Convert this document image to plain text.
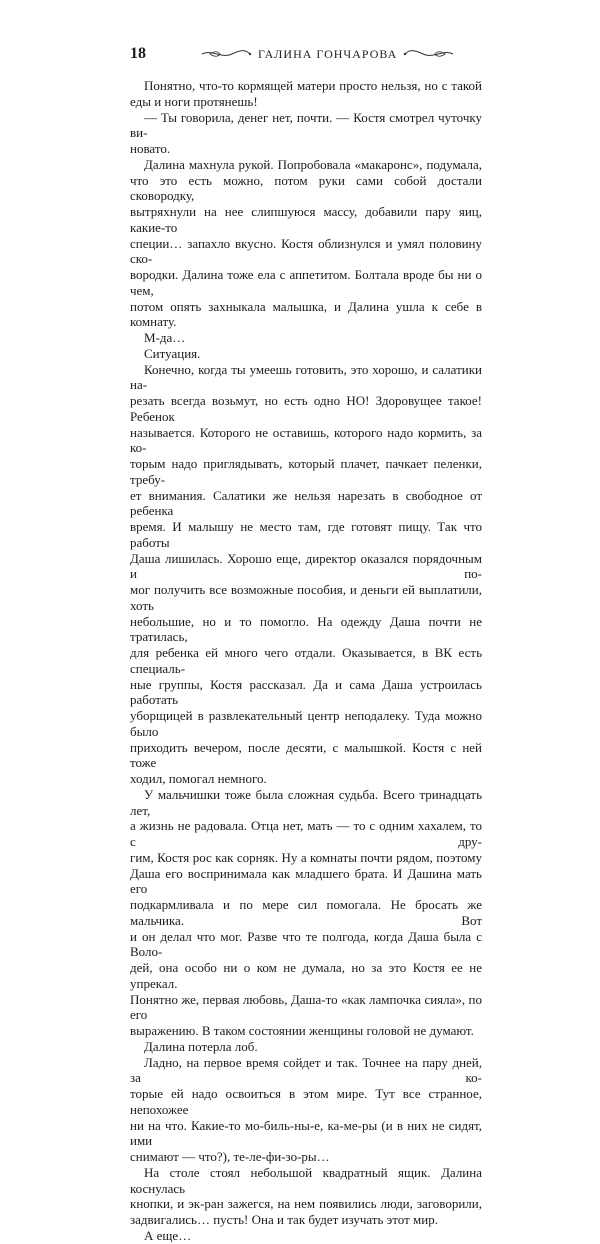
18	ГАЛИНА ГОНЧАРОВА

Понятно, что-то кормящей матери просто нельзя, но с такой

еды и ноги протянешь!

— Ты говорила, денег нет, почти. — Костя смотрел чуточку ви-

новато.

Далина махнула рукой. Попробовала «макаронс», подумала,

что это есть можно, потом руки сами собой достали сковородку,

вытряхнули на нее слипшуюся массу, добавили пару яиц, какие-то

специи… запахло вкусно. Костя облизнулся и умял половину ско-

вородки. Далина тоже ела с аппетитом. Болтала вроде бы ни о чем,

потом опять захныкала малышка, и Далина ушла к себе в комнату.

М-да…

Ситуация.

Конечно, когда ты умеешь готовить, это хорошо, и салатики на-

резать всегда возьмут, но есть одно НО! Здоровущее такое! Ребенок

называется. Которого не оставишь, которого надо кормить, за ко-

торым надо приглядывать, который плачет, пачкает пеленки, требу-

ет внимания. Салатики же нельзя нарезать в свободное от ребенка

время. И малышу не место там, где готовят пищу. Так что работы

Даша лишилась. Хорошо еще, директор оказался порядочным и по-

мог получить все возможные пособия, и деньги ей выплатили, хоть

небольшие, но и то помогло. На одежду Даша почти не тратилась,

для ребенка ей много чего отдали. Оказывается, в ВК есть специаль-

ные группы, Костя рассказал. Да и сама Даша устроилась работать

уборщицей в развлекательный центр неподалеку. Туда можно было

приходить вечером, после десяти, с малышкой. Костя с ней тоже

ходил, помогал немного.

У мальчишки тоже была сложная судьба. Всего тринадцать лет,

а жизнь не радовала. Отца нет, мать — то с одним хахалем, то с дру-

гим, Костя рос как сорняк. Ну а комнаты почти рядом, поэтому

Даша его воспринимала как младшего брата. И Дашина мать его

подкармливала и по мере сил помогала. Не бросать же мальчика. Вот

и он делал что мог. Разве что те полгода, когда Даша была с Воло-

дей, она особо ни о ком не думала, но за это Костя ее не упрекал.

Понятно же, первая любовь, Даша-то «как лампочка сияла», по его

выражению. В таком состоянии женщины головой не думают.

Далина потерла лоб.

Ладно, на первое время сойдет и так. Точнее на пару дней, за ко-

торые ей надо освоиться в этом мире. Тут все странное, непохожее

ни на что. Какие-то мо-биль-ны-е, ка-ме-ры (и в них не сидят, ими

снимают — что?), те-ле-фи-зо-ры…

На столе стоял небольшой квадратный ящик. Далина коснулась

кнопки, и эк-ран зажегся, на нем появились люди, заговорили,

задвигались… пусть! Она и так будет изучать этот мир.

А еще…
